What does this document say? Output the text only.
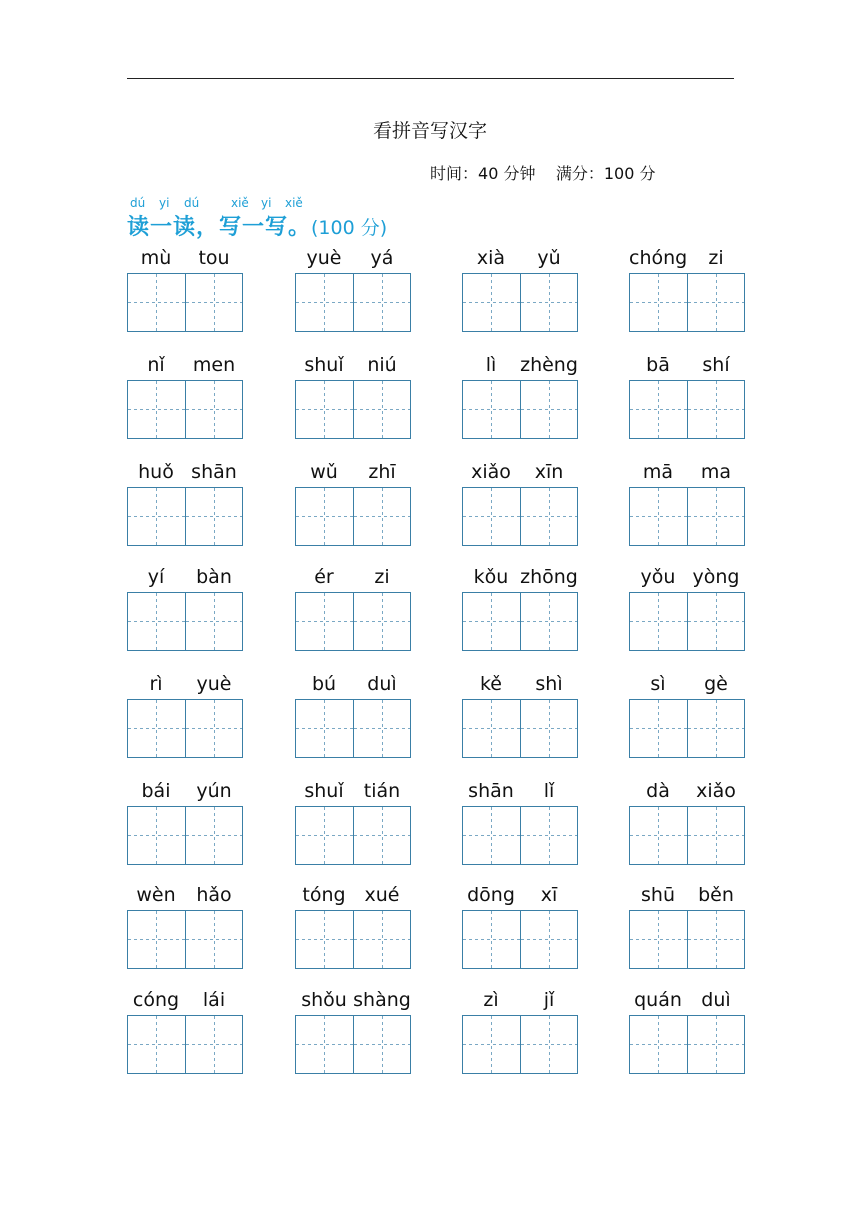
看拼音写汉字
时间：40 分钟 满分：100 分
dú yi dú	xiě yi xiě
读一读，写一写。(100 分)
mù	tou	yuè	yá	xià	yǔ	chóng	zi
nǐ	men	shuǐ	niú	lì	zhèng	bā	shí
huǒ shān	wǔ	zhī	xiǎo	xīn	mā	ma
yí	bàn	ér	zi	kǒu zhōng	yǒu yòng
rì	yuè	bú	duì	kě	shì	sì	gè
bái	yún	shuǐ	tián	shān	lǐ	dà	xiǎo
wèn	hǎo	tóng xué	dōng	xī	shū	běn
cóng	lái	shǒu shàng	zì	jǐ	quán	duì
